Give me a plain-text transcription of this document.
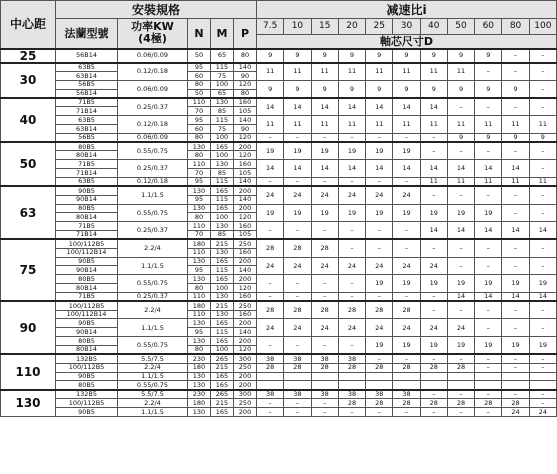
中心距	安裝規格					减速比i										
	法蘭型號	功率KW
(4極)	N	M	P	7.5	10	15	20	25	30	40	50	60	80	100
						軸芯尺寸D										
25	56B14	0.06/0.09	50	65	80	9	9	9	9	9	9	9	9	9	–	–
30	63B5	0.12/0.18	95	115	140	11	11	11	11	11	11	11	11	–	–	–
	63B14		60	75	90											
	56B5	0.06/0.09	80	100	120	9	9	9	9	9	9	9	9	9	9	–
	56B14		50	65	80											
40	71B5	0.25/0.37	110	130	160	14	14	14	14	14	14	14	–	–	–	–
	71B14		70	85	105											
	63B5	0.12/0.18	95	115	140	11	11	11	11	11	11	11	11	11	11	11
	63B14		60	75	90											
	56B5	0.06/0.09	80	100	120	–	–	–	–	–	–	–	9	9	9	9
50	80B5	0.55/0.75	130	165	200	19	19	19	19	19	19	–	–	–	–	–
	80B14		80	100	120											
	71B5	0.25/0.37	110	130	160	14	14	14	14	14	14	14	14	14	14	–
	71B14		70	85	105											
	63B5	0.12/0.18	95	115	140	–	–	–	–	–	–	11	11	11	11	11
63	90B5	1.1/1.5	130	165	200	24	24	24	24	24	24	–	–	–	–	–
	90B14		95	115	140											
	80B5	0.55/0.75	130	165	200	19	19	19	19	19	19	19	19	19	–	–
	80B14		80	100	120											
	71B5	0.25/0.37	110	130	160	–	–	–	–	–	–	14	14	14	14	14
	71B14		70	85	105											
75	100/112B5	2.2/4	180	215	250	28	28	28	–	–	–	–	–	–	–	–
	100/112B14		110	130	160											
	90B5	1.1/1.5	130	165	200	24	24	24	24	24	24	24	–	–	–	–
	90B14		95	115	140											
	80B5	0.55/0.75	130	165	200	–	–	–	–	19	19	19	19	19	19	19
	80B14		80	100	120											
	71B5	0.25/0.37	110	130	160	–	–	–	–	–	–	–	14	14	14	14
90	100/112B5	2.2/4	180	215	250	28	28	28	28	28	28	–	–	–	–	–
	100/112B14		110	130	160											
	90B5	1.1/1.5	130	165	200	24	24	24	24	24	24	24	24	–	–	–
	90B14		95	115	140											
	80B5	0.55/0.75	130	165	200	–	–	–	–	19	19	19	19	19	19	19
	80B14		80	100	120											
110	132B5	5.5/7.5	230	265	300	38	38	38	38	–	–	–	–	–	–	–
	100/112B5	2.2/4	180	215	250	28	28	28	28	28	28	28	28	–	–	–
	90B5	1.1/1.5	130	165	200											
	80B5	0.55/0.75	130	165	200											
130	132B5	5.5/7.5	230	265	300	38	38	38	38	38	38	–	–	–	–	–
	100/112B5	2.2/4	180	215	250	–	–	–	28	28	28	28	28	28	28	–
	90B5	1.1/1.5	130	165	200	–	–	–	–	–	–	–	–	–	24	24
